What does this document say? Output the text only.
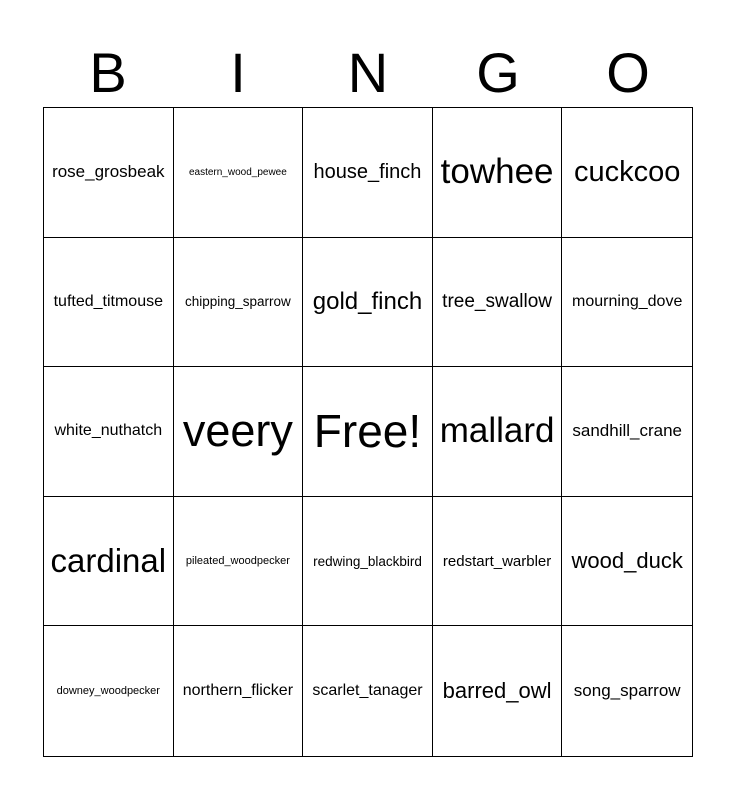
B	I	N	G	O
rose_grosbeak eastern_wood_pewee house_finch towhee cuckcoo
tufted_titmouse chipping_sparrow gold_finch tree_swallow mourning_dove
white_nuthatch veery Free! mallard sandhill_crane
cardinal pileated_woodpecker redwing_blackbird redstart_warbler wood_duck
downey_woodpecker northern_flicker scarlet_tanager barred_owl song_sparrow
